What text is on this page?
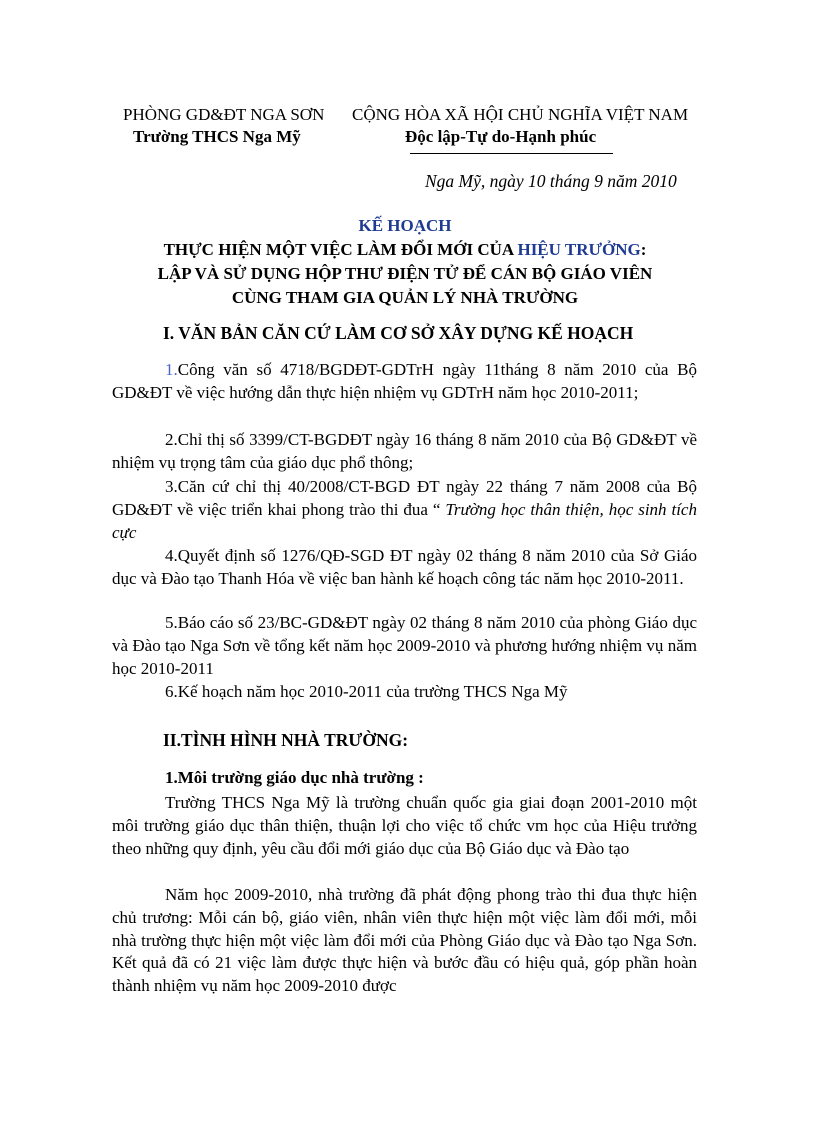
PHÒNG GD&ĐT NGA SƠN
Trường THCS Nga Mỹ
CỘNG HÒA XÃ HỘI CHỦ NGHĨA VIỆT NAM
Độc lập-Tự do-Hạnh phúc
Nga Mỹ, ngày 10 tháng 9 năm 2010
KẾ HOẠCH
THỰC HIỆN MỘT VIỆC LÀM ĐỔI MỚI CỦA HIỆU TRƯỞNG:
LẬP VÀ SỬ DỤNG HỘP THƯ ĐIỆN TỬ ĐỂ CÁN BỘ GIÁO VIÊN
CÙNG THAM GIA QUẢN LÝ NHÀ TRƯỜNG
I. VĂN BẢN CĂN CỨ LÀM CƠ SỞ XÂY DỰNG KẾ HOẠCH
1.Công văn số 4718/BGDĐT-GDTrH ngày 11tháng 8 năm 2010 của Bộ GD&ĐT về việc hướng dẫn thực hiện nhiệm vụ GDTrH năm học 2010-2011;
2.Chỉ thị số 3399/CT-BGDĐT ngày 16 tháng 8 năm 2010 của Bộ GD&ĐT về nhiệm vụ trọng tâm của giáo dục phổ thông;
3.Căn cứ chỉ thị 40/2008/CT-BGD ĐT ngày 22 tháng 7 năm 2008 của Bộ GD&ĐT về việc triển khai phong trào thi đua “ Trường học thân thiện, học sinh tích cực
4.Quyết định số 1276/QĐ-SGD ĐT ngày 02 tháng 8 năm 2010 của Sở Giáo dục và Đào tạo Thanh Hóa về việc ban hành kế hoạch công tác năm học 2010-2011.
5.Báo cáo số 23/BC-GD&ĐT ngày 02 tháng 8 năm 2010 của phòng Giáo dục và Đào tạo Nga Sơn về tổng kết năm học 2009-2010 và phương hướng nhiệm vụ năm học 2010-2011
6.Kế hoạch năm học 2010-2011 của trường THCS Nga Mỹ
II.TÌNH HÌNH NHÀ TRƯỜNG:
1.Môi trường giáo dục nhà trường :
Trường THCS Nga Mỹ là trường chuẩn quốc gia giai đoạn 2001-2010 một môi trường giáo dục thân thiện, thuận lợi cho việc tổ chức vm học của Hiệu trưởng theo những quy định, yêu cầu đổi mới giáo dục của Bộ Giáo dục và Đào tạo
Năm học 2009-2010, nhà trường đã phát động phong trào thi đua thực hiện chủ trương: Mỗi cán bộ, giáo viên, nhân viên thực hiện một việc làm đổi mới, mỗi nhà trường thực hiện một việc làm đổi mới của Phòng Giáo dục và Đào tạo Nga Sơn. Kết quả đã có 21 việc làm được thực hiện và bước đầu có hiệu quả, góp phần hoàn thành nhiệm vụ năm học 2009-2010 được
